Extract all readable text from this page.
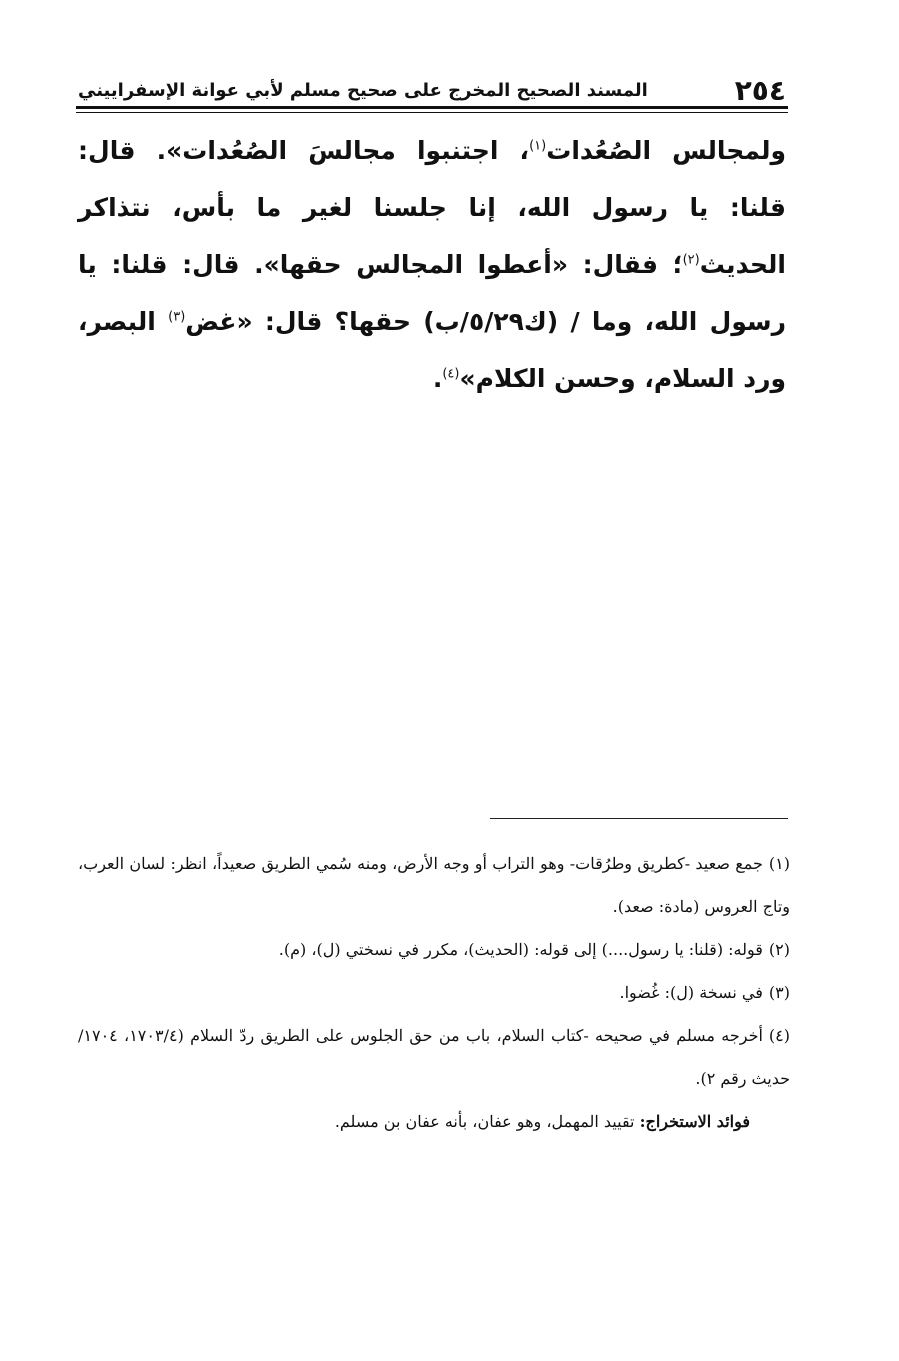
٢٥٤
المسند الصحيح المخرج على صحيح مسلم لأبي عوانة الإسفراييني

ولمجالس الصُعُدات$^{(١)}$، اجتنبوا مجالسَ الصُعُدات». قال: قلنا: يا رسول الله، إنا جلسنا لغير ما بأس، نتذاكر الحديث$^{(٢)}$؛ فقال: «أعطوا المجالس حقها». قال: قلنا: يا رسول الله، وما / (ك٥/٢٩/ب) حقها؟ قال: «غض$^{(٣)}$ البصر، ورد السلام، وحسن الكلام»$^{(٤)}$.

(١)جمع صعيد -كطريق وطرُقات- وهو التراب أو وجه الأرض، ومنه سُمي الطريق صعيداً، انظر: لسان العرب، وتاج العروس (مادة: صعد).

(٢)قوله: (قلنا: يا رسول....) إلى قوله: (الحديث)، مكرر في نسختي (ل)، (م).

(٣)في نسخة (ل): غُضوا.

(٤)أخرجه مسلم في صحيحه -كتاب السلام، باب من حق الجلوس على الطريق ردّ السلام (١٧٠٣/٤، ١٧٠٤/ حديث رقم ٢).

فوائد الاستخراج: تقييد المهمل، وهو عفان، بأنه عفان بن مسلم.
